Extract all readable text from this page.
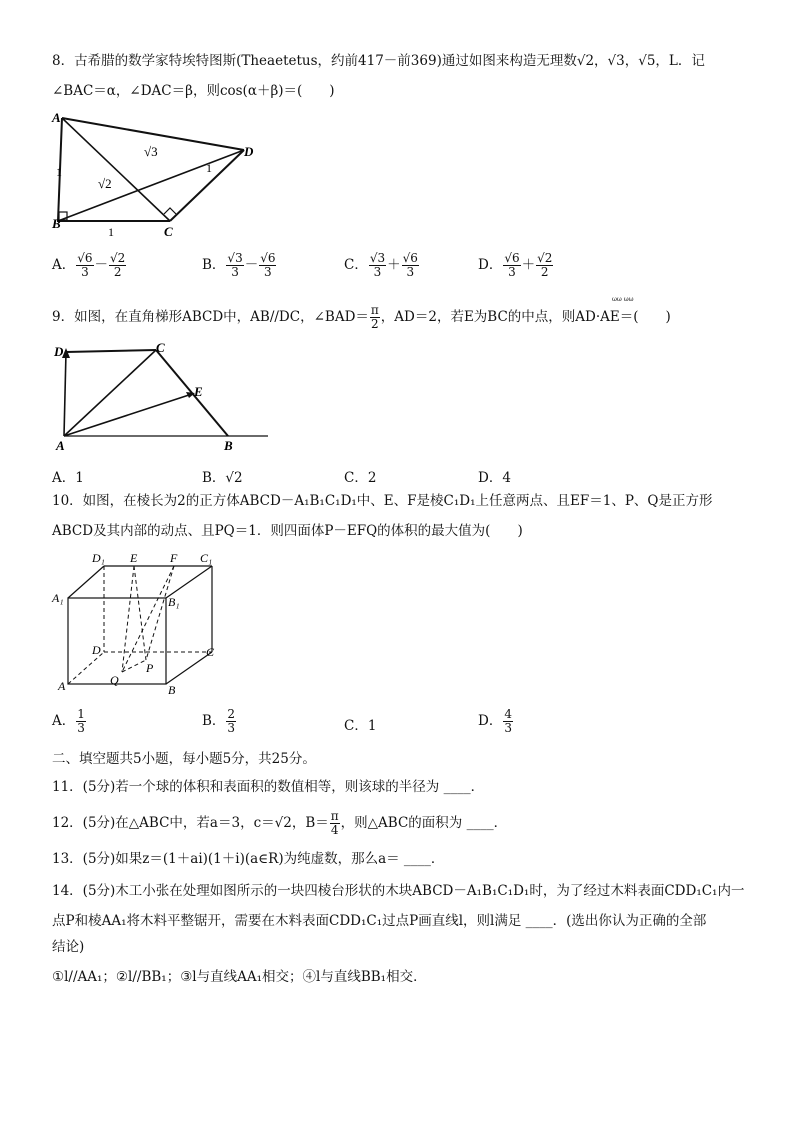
8．古希腊的数学家特埃特图斯(Theaetetus，约前417－前369)通过如图来构造无理数√2，√3，√5，L．记
∠BAC＝α，∠DAC＝β，则cos(α＋β)＝(　　)
A
B
C
D
1
1
1
√2
√3
A． $\frac{√6}{3} - \frac{√2}{2}$	B． $\frac{√3}{3} - \frac{√6}{3}$	C． $\frac{√3}{3} + \frac{√6}{3}$	D． $\frac{√6}{3} + \frac{√2}{2}$
9．如图，在直角梯形ABCD中，AB//DC，∠BAD＝ $\frac{\pi}{2}$ ，AD＝2，若E为BC的中点，则AD·AE＝(　　)
ωω ωω
D	C
E
A	B
A．1	B．√2	C．2	D．4
10．如图，在棱长为2的正方体ABCD－A₁B₁C₁D₁中、E、F是棱C₁D₁上任意两点、且EF＝1、P、Q是正方形
ABCD及其内部的动点、且PQ＝1．则四面体P－EFQ的体积的最大值为(　　)
D₁ E	F C₁
A₁	B₁
D	C
P
Q
A	B
A． $\frac{1}{3}$	B． $\frac{2}{3}$	C．1	D． $\frac{4}{3}$
二、填空题共5小题，每小题5分，共25分。
11．(5分)若一个球的体积和表面积的数值相等，则该球的半径为 ____．
12．(5分)在△ABC中，若a＝3，c＝√2，$B= \frac{\pi}{4}$ ，则△ABC的面积为 ____．
13．(5分)如果z＝(1＋ai)(1＋i)(a∈R)为纯虚数，那么a＝ ____．
14．(5分)木工小张在处理如图所示的一块四棱台形状的木块ABCD－A₁B₁C₁D₁时，为了经过木料表面CDD₁C₁内一
点P和棱AA₁将木料平整锯开，需要在木料表面CDD₁C₁过点P画直线l，则l满足 ____．(选出你认为正确的全部
结论)
①l//AA₁；②l//BB₁；③l与直线AA₁相交；④l与直线BB₁相交．
